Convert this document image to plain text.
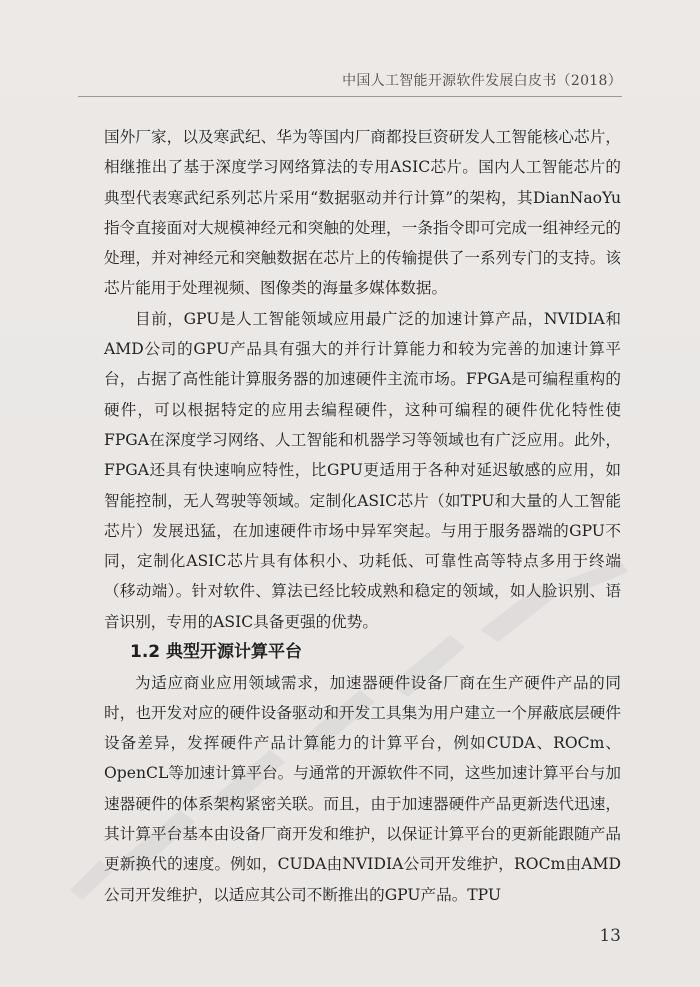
中国人工智能开源软件发展白皮书（2018）

国外厂家，以及寒武纪、华为等国内厂商都投巨资研发人工智能核心芯片，相继推出了基于深度学习网络算法的专用ASIC芯片。国内人工智能芯片的典型代表寒武纪系列芯片采用“数据驱动并行计算”的架构，其DianNaoYu指令直接面对大规模神经元和突触的处理，一条指令即可完成一组神经元的处理，并对神经元和突触数据在芯片上的传输提供了一系列专门的支持。该芯片能用于处理视频、图像类的海量多媒体数据。

目前，GPU是人工智能领域应用最广泛的加速计算产品，NVIDIA和AMD公司的GPU产品具有强大的并行计算能力和较为完善的加速计算平台，占据了高性能计算服务器的加速硬件主流市场。FPGA是可编程重构的硬件，可以根据特定的应用去编程硬件，这种可编程的硬件优化特性使FPGA在深度学习网络、人工智能和机器学习等领域也有广泛应用。此外，FPGA还具有快速响应特性，比GPU更适用于各种对延迟敏感的应用，如智能控制，无人驾驶等领域。定制化ASIC芯片（如TPU和大量的人工智能芯片）发展迅猛，在加速硬件市场中异军突起。与用于服务器端的GPU不同，定制化ASIC芯片具有体积小、功耗低、可靠性高等特点多用于终端（移动端）。针对软件、算法已经比较成熟和稳定的领域，如人脸识别、语音识别，专用的ASIC具备更强的优势。

1.2 典型开源计算平台

为适应商业应用领域需求，加速器硬件设备厂商在生产硬件产品的同时，也开发对应的硬件设备驱动和开发工具集为用户建立一个屏蔽底层硬件设备差异，发挥硬件产品计算能力的计算平台，例如CUDA、ROCm、OpenCL等加速计算平台。与通常的开源软件不同，这些加速计算平台与加速器硬件的体系架构紧密关联。而且，由于加速器硬件产品更新迭代迅速，其计算平台基本由设备厂商开发和维护，以保证计算平台的更新能跟随产品更新换代的速度。例如，CUDA由NVIDIA公司开发维护，ROCm由AMD公司开发维护，以适应其公司不断推出的GPU产品。TPU

13
